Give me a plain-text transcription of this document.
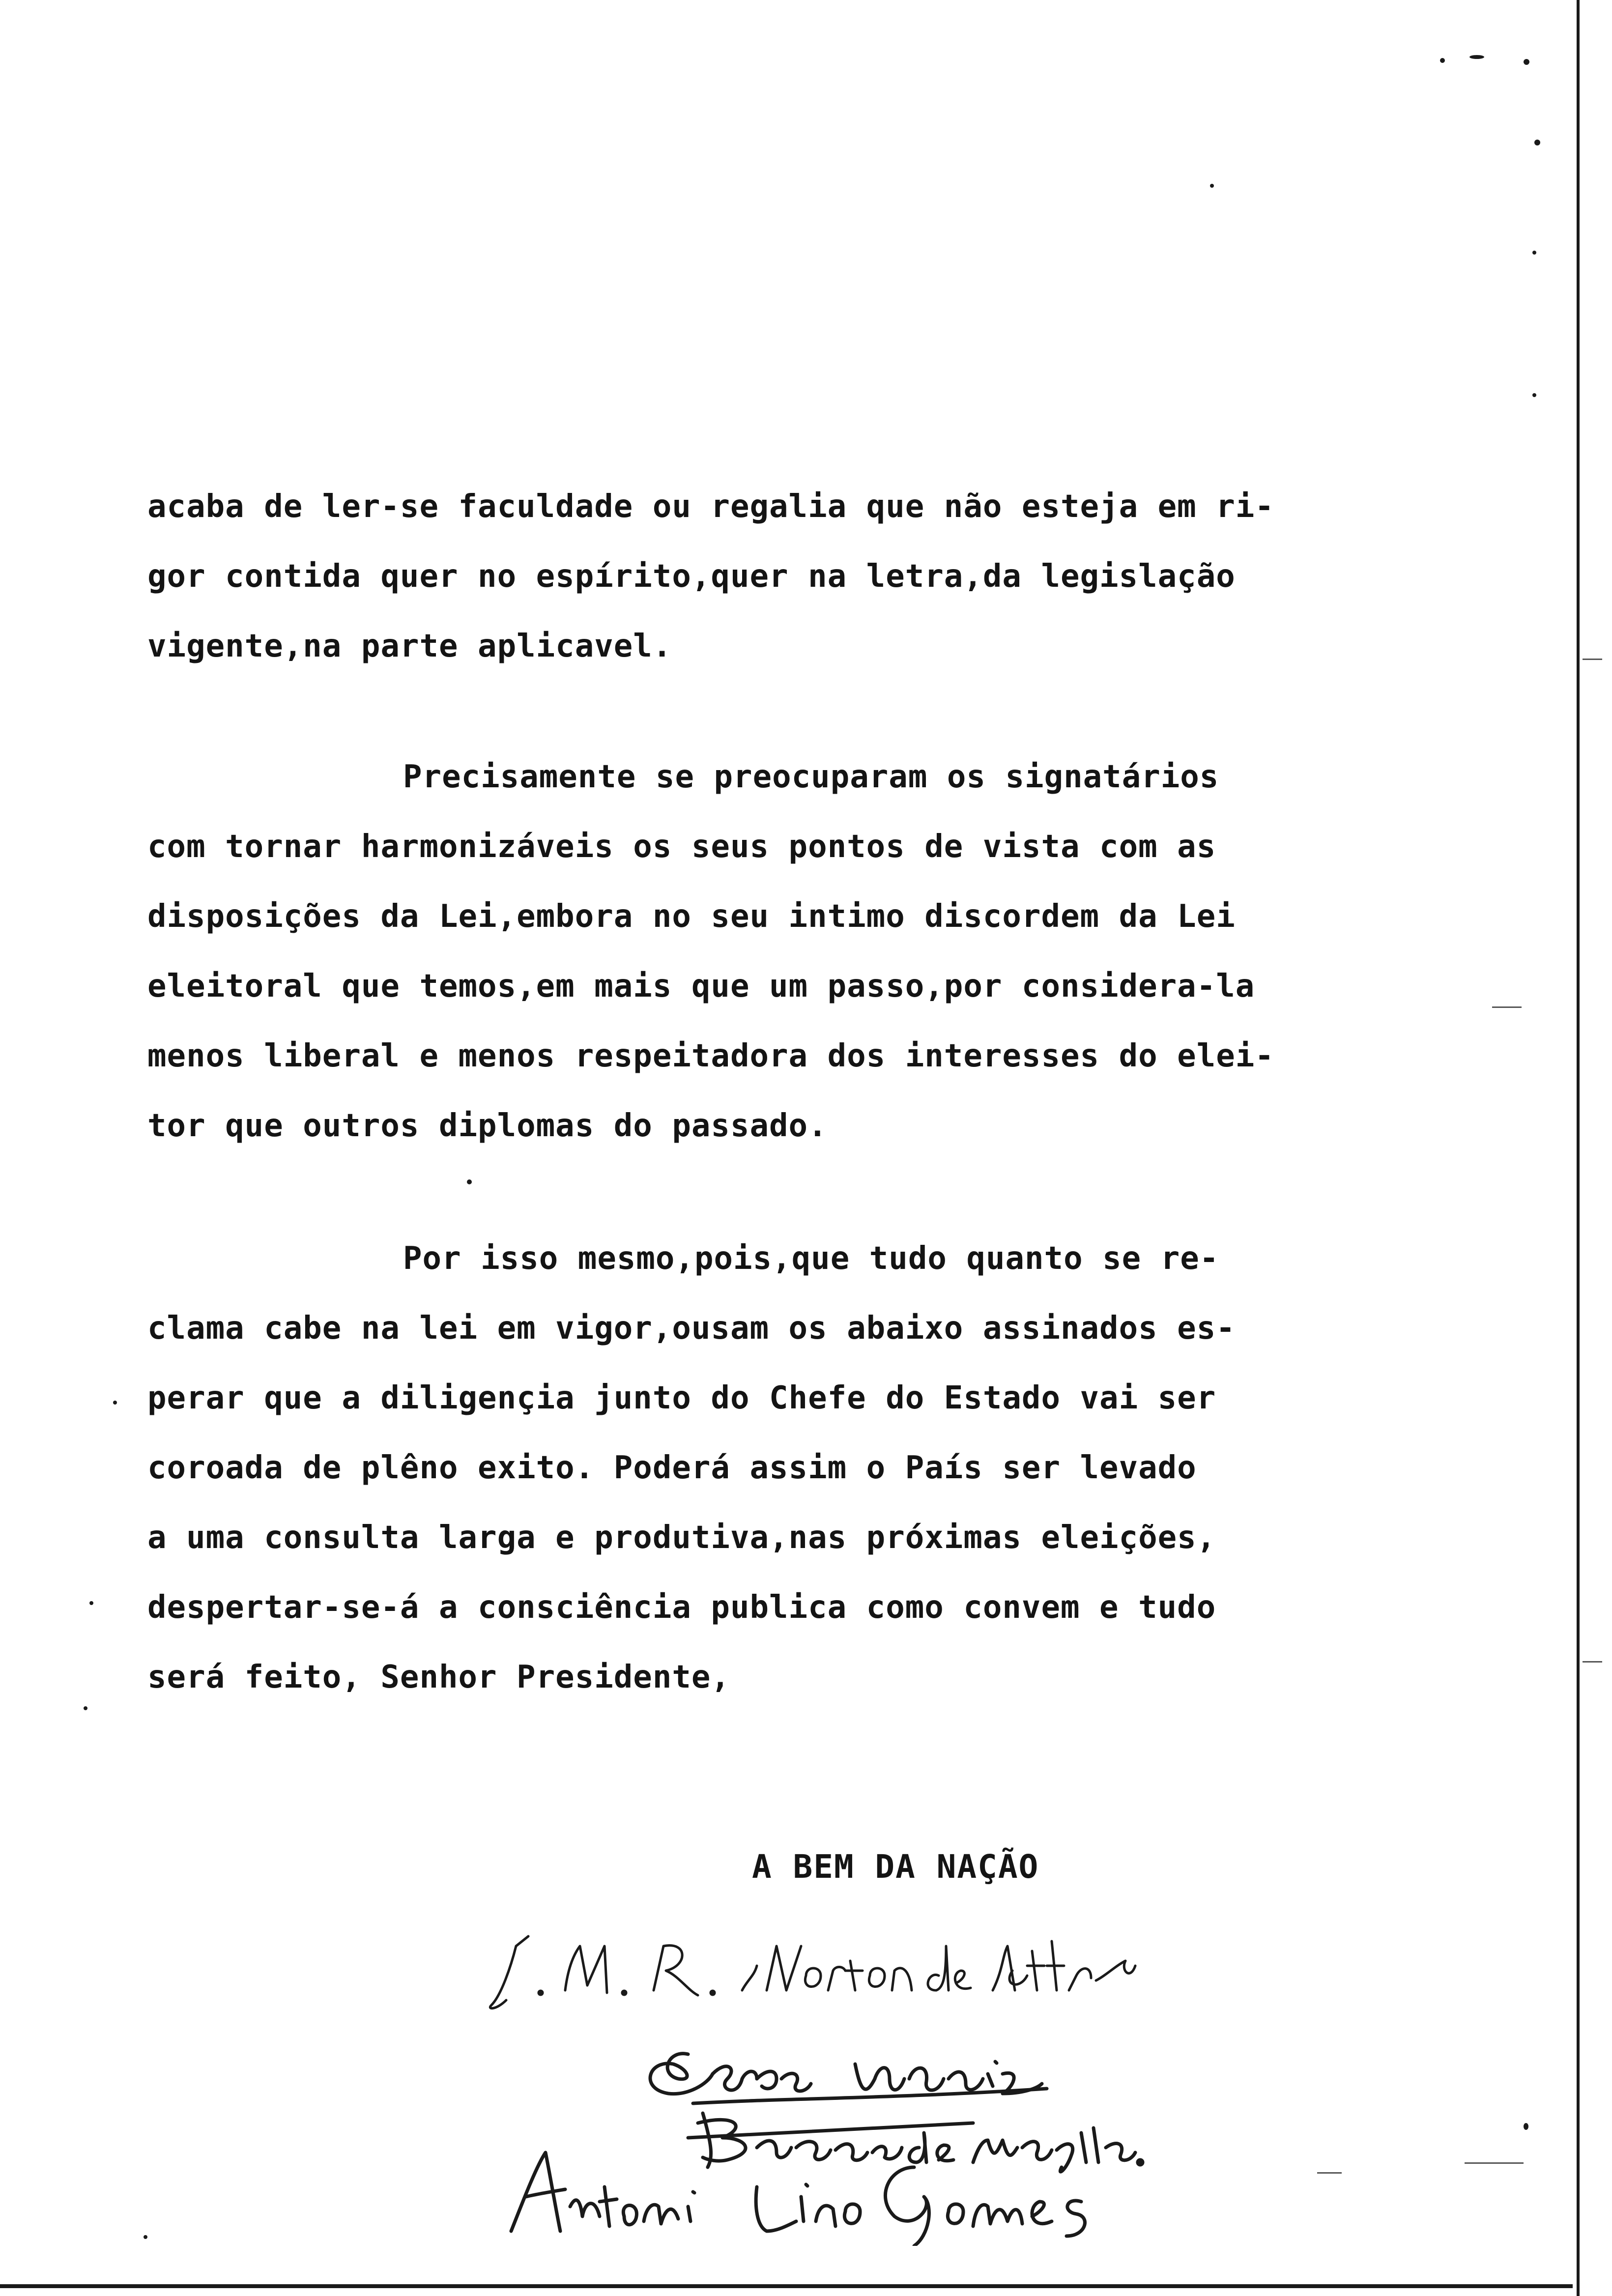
acaba de ler-se faculdade ou regalia que não esteja em ri-
gor contida quer no espírito,quer na letra,da legislação
vigente,na parte aplicavel.
Precisamente se preocuparam os signatários
com tornar harmonizáveis os seus pontos de vista com as
disposições da Lei,embora no seu intimo discordem da Lei
eleitoral que temos,em mais que um passo,por considera-la
menos liberal e menos respeitadora dos interesses do elei-
tor que outros diplomas do passado.
Por isso mesmo,pois,que tudo quanto se re-
clama cabe na lei em vigor,ousam os abaixo assinados es-
perar que a diligençia junto do Chefe do Estado vai ser
coroada de plêno exito. Poderá assim o País ser levado
a uma consulta larga e produtiva,nas próximas eleições,
despertar-se-á a consciência publica como convem e tudo
será feito, Senhor Presidente,
A BEM DA NAÇÃO
